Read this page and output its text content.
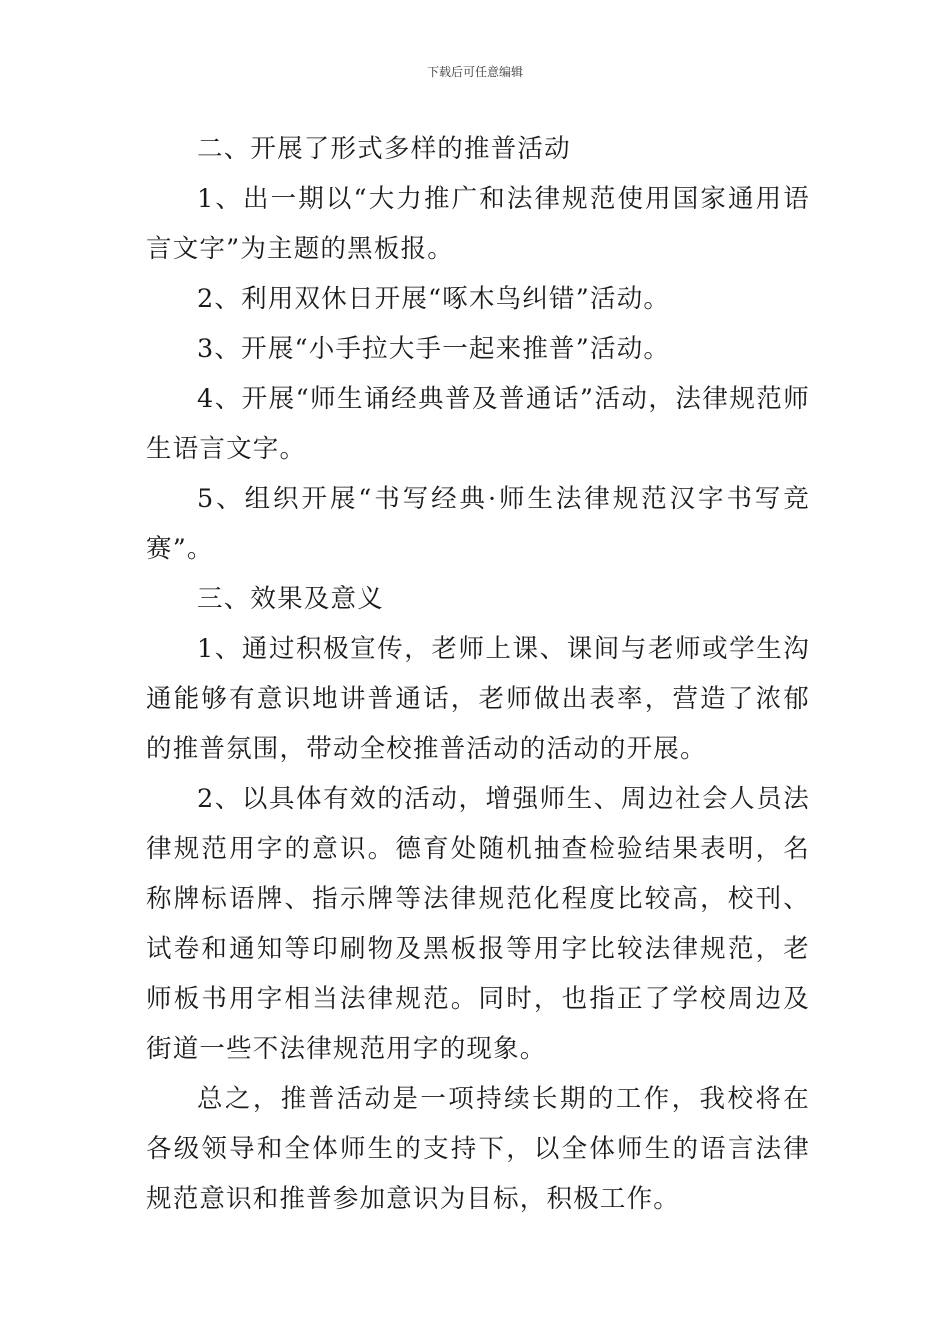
下载后可任意编辑

二、开展了形式多样的推普活动

1、出一期以“大力推广和法律规范使用国家通用语言文字”为主题的黑板报。

2、利用双休日开展“啄木鸟纠错”活动。

3、开展“小手拉大手一起来推普”活动。

4、开展“师生诵经典普及普通话”活动，法律规范师生语言文字。

5、组织开展“书写经典·师生法律规范汉字书写竞赛”。

三、效果及意义

1、通过积极宣传，老师上课、课间与老师或学生沟通能够有意识地讲普通话，老师做出表率，营造了浓郁的推普氛围，带动全校推普活动的活动的开展。

2、以具体有效的活动，增强师生、周边社会人员法律规范用字的意识。德育处随机抽查检验结果表明，名称牌标语牌、指示牌等法律规范化程度比较高，校刊、试卷和通知等印刷物及黑板报等用字比较法律规范，老师板书用字相当法律规范。同时，也指正了学校周边及街道一些不法律规范用字的现象。

总之，推普活动是一项持续长期的工作，我校将在各级领导和全体师生的支持下，以全体师生的语言法律规范意识和推普参加意识为目标，积极工作。
